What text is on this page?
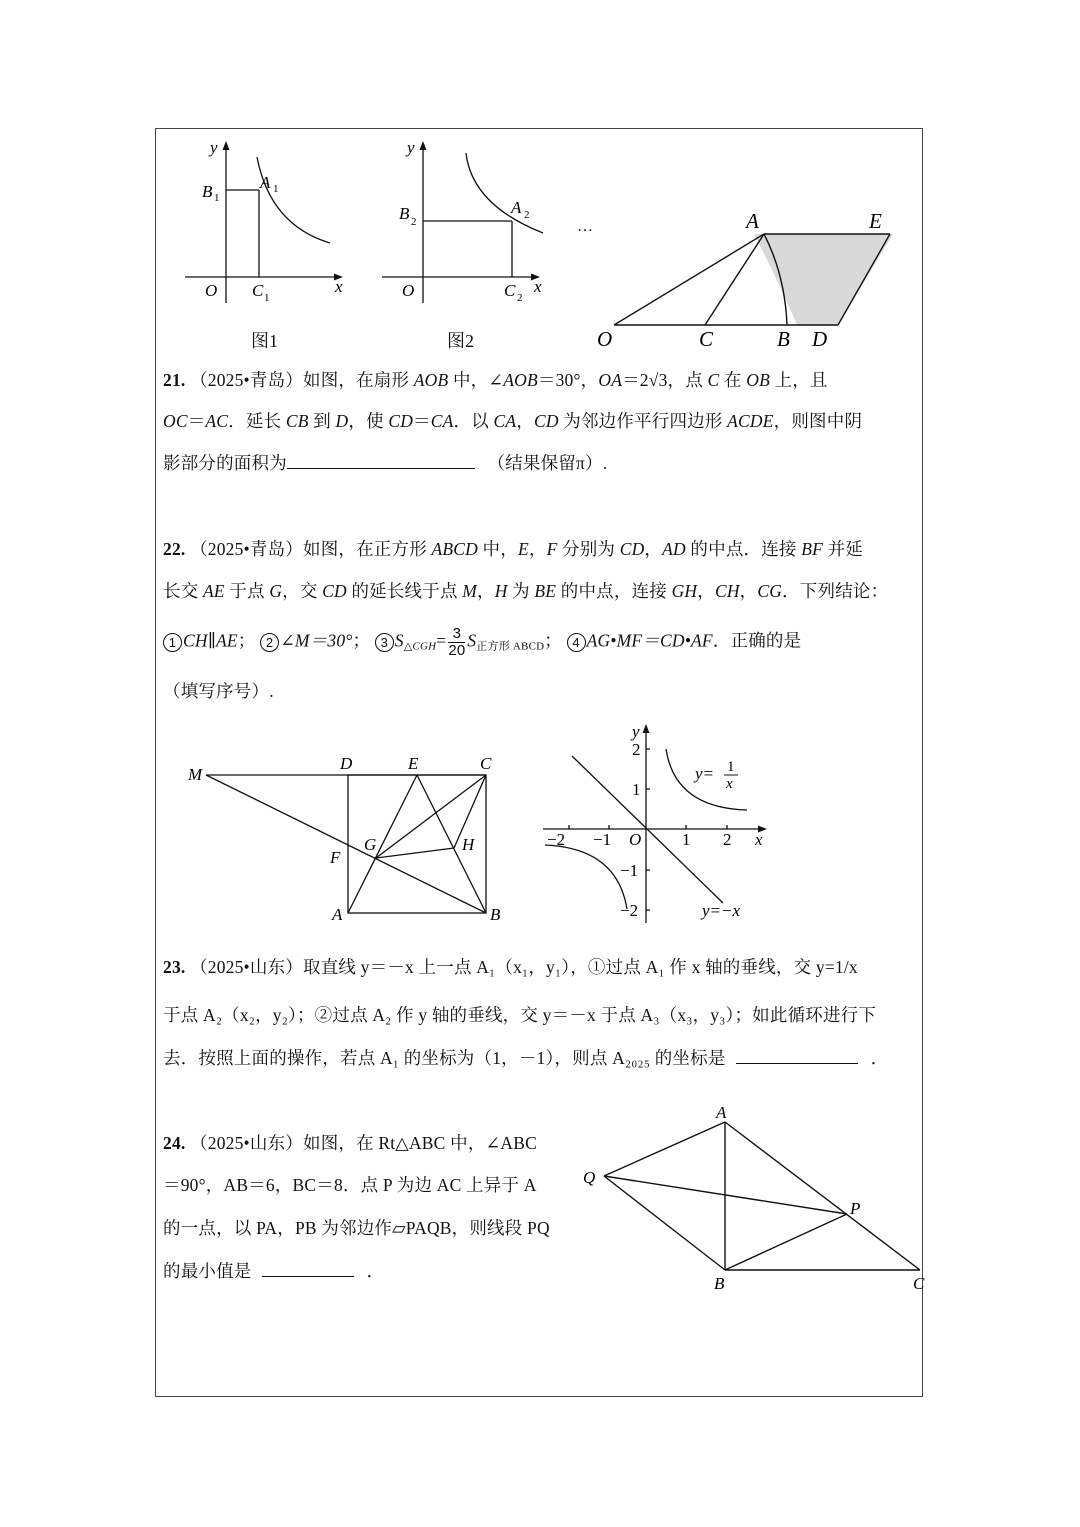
y
B 1
A 1
O C 1
x
图1
y
B 2
A 2
O	C 2
x
图2
…	A	E
O	C	B D
21. （2025•青岛）如图，在扇形 AOB 中，∠AOB＝30°，OA＝2√3，点 C 在 OB 上，且
OC＝AC．延长 CB 到 D，使 CD＝CA．以 CA，CD 为邻边作平行四边形 ACDE，则图中阴
影部分的面积为	（结果保留π）.
22. （2025•青岛）如图，在正方形 ABCD 中，E，F 分别为 CD，AD 的中点．连接 BF 并延
长交 AE 于点 G，交 CD 的延长线于点 M，H 为 BE 的中点，连接 GH，CH，CG．下列结论：
1 CH∥AE； 2 ∠M＝30°； 3 $S_{\triangle CGH}= \frac{3}{20} S_{正方形 ABCD}$； 4 AG•MF＝CD•AF．正确的是
（填写序号）.
M
D	E	C
G	H
F
A	B
y
x
O
−2 −1	1 2
2
1
−1
−2
y= 1
x
y=−x
23. （2025•山东）取直线 y＝－x 上一点 A₁（x₁，y₁），①过点 A₁ 作 x 轴的垂线，交 y=1/x
于点 A₂（x₂，y₂）；②过点 A₂ 作 y 轴的垂线，交 y＝－x 于点 A₃（x₃，y₃）；如此循环进行下
去．按照上面的操作，若点 A₁ 的坐标为（1，－1），则点 A₂₀₂₅ 的坐标是	．
24. （2025•山东）如图，在 Rt△ABC 中，∠ABC
＝90°，AB＝6，BC＝8．点 P 为边 AC 上异于 A
的一点，以 PA，PB 为邻边作▱PAQB，则线段 PQ
的最小值是	．
A
Q
P
B	C
